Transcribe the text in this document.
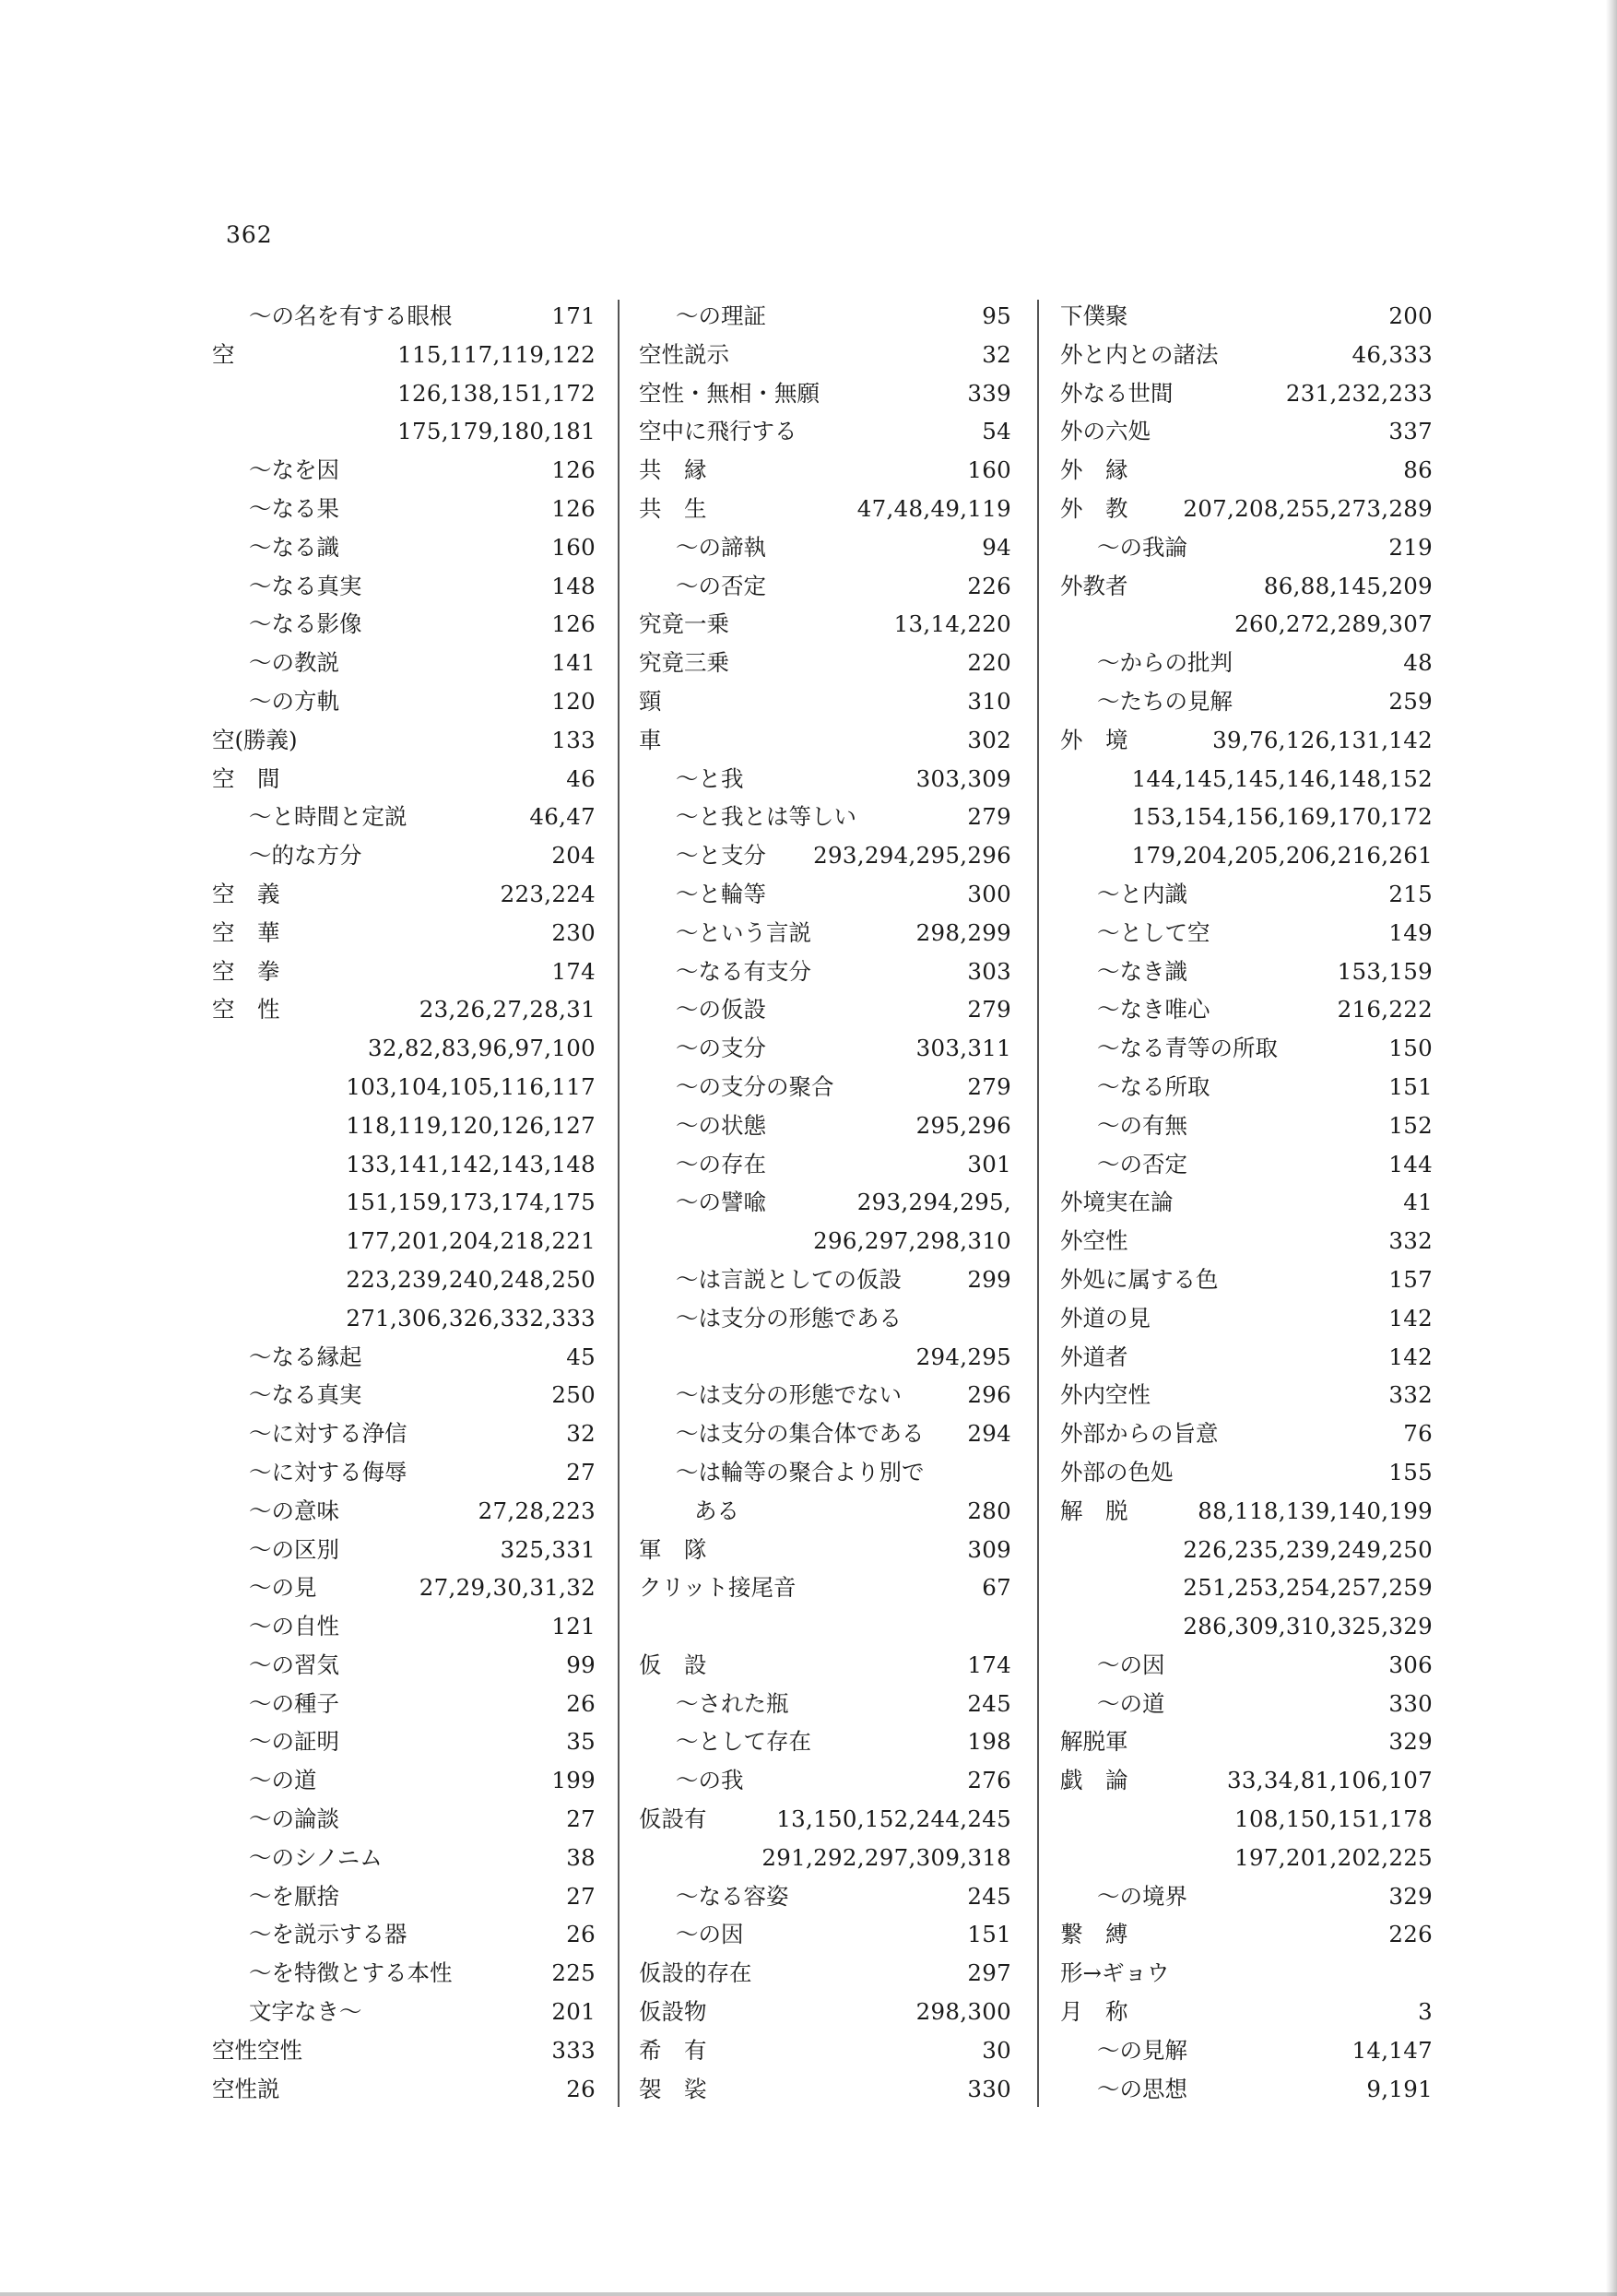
362
～の名を有する眼根	171
空	115,117,119,122
126,138,151,172
175,179,180,181
～なを因	126
～なる果	126
～なる識	160
～なる真実	148
～なる影像	126
～の教説	141
～の方軌	120
空(勝義)	133
空　間	46
～と時間と定説	46,47
～的な方分	204
空　義	223,224
空　華	230
空　拳	174
空　性	23,26,27,28,31
32,82,83,96,97,100
103,104,105,116,117
118,119,120,126,127
133,141,142,143,148
151,159,173,174,175
177,201,204,218,221
223,239,240,248,250
271,306,326,332,333
～なる縁起	45
～なる真実	250
～に対する浄信	32
～に対する侮辱	27
～の意味	27,28,223
～の区別	325,331
～の見	27,29,30,31,32
～の自性	121
～の習気	99
～の種子	26
～の証明	35
～の道	199
～の論談	27
～のシノニム	38
～を厭捨	27
～を説示する器	26
～を特徴とする本性	225
文字なき～	201
空性空性	333
空性説	26
～の理証	95
空性説示	32
空性・無相・無願	339
空中に飛行する	54
共　縁	160
共　生	47,48,49,119
～の諦執	94
～の否定	226
究竟一乗	13,14,220
究竟三乗	220
頸	310
車	302
～と我	303,309
～と我とは等しい	279
～と支分 293,294,295,296
～と輪等	300
～という言説	298,299
～なる有支分	303
～の仮設	279
～の支分	303,311
～の支分の聚合	279
～の状態	295,296
～の存在	301
～の譬喩	293,294,295,
296,297,298,310
～は言説としての仮設	299
～は支分の形態である
294,295
～は支分の形態でない	296
～は支分の集合体である 294
～は輪等の聚合より別で
ある	280
軍　隊	309
クリット接尾音	67
仮　設	174
～された瓶	245
～として存在	198
～の我	276
仮設有	13,150,152,244,245
291,292,297,309,318
～なる容姿	245
～の因	151
仮設的存在	297
仮設物	298,300
希　有	30
袈　裟	330
下僕聚	200
外と内との諸法	46,333
外なる世間	231,232,233
外の六処	337
外　縁	86
外　教 207,208,255,273,289
～の我論	219
外教者	86,88,145,209
260,272,289,307
～からの批判	48
～たちの見解	259
外　境	39,76,126,131,142
144,145,145,146,148,152
153,154,156,169,170,172
179,204,205,206,216,261
～と内識	215
～として空	149
～なき識	153,159
～なき唯心	216,222
～なる青等の所取	150
～なる所取	151
～の有無	152
～の否定	144
外境実在論	41
外空性	332
外処に属する色	157
外道の見	142
外道者	142
外内空性	332
外部からの旨意	76
外部の色処	155
解　脱	88,118,139,140,199
226,235,239,249,250
251,253,254,257,259
286,309,310,325,329
～の因	306
～の道	330
解脱軍	329
戯　論	33,34,81,106,107
108,150,151,178
197,201,202,225
～の境界	329
繋　縛	226
形→ギョウ
月　称	3
～の見解	14,147
～の思想	9,191
